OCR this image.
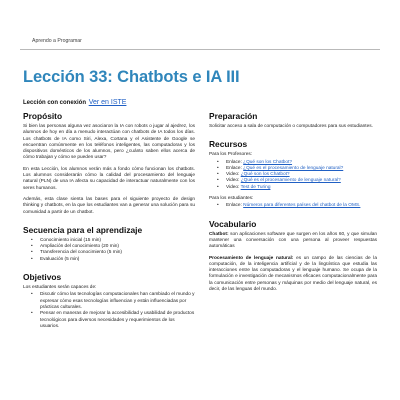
Aprendo a Programar
Lección 33: Chatbots e IA III
Lección con conexión Ver en ISTE
Propósito

Si bien las personas alguna vez asociaron la IA con robots o jugar al ajedrez, los alumnos de hoy en día a menudo interactúan con chatbots de IA todos los días. Los chatbots de IA como Siri, Alexa, Cortana y el Asistente de Google se encuentran comúnmente en los teléfonos inteligentes, las computadoras y los dispositivos domésticos de los alumnos, pero ¿cuánto saben ellos acerca de cómo trabajan y cómo se pueden usar?

En esta Lección, los alumnos verán más a fondo cómo funcionan los chatbots. Los alumnos considerarán cómo la calidad del procesamiento del lenguaje natural (PLN) de una IA afecta su capacidad de interactuar naturalmente con los seres humanos.

Además, esta clase sienta las bases para el siguiente proyecto de design thinking y chatbots, en la que los estudiantes van a generar una solución para su comunidad a partir de un chatbot.

Secuencia para el aprendizaje
• Conocimiento inicial (15 min)
• Ampliación del conocimiento (20 min)
• Transferencia del conocimiento (5 min)
• Evaluación (5 min)
Objetivos
Los estudiantes serán capaces de:
• Discutir cómo las tecnologías computacionales han cambiado el mundo y expresar cómo esas tecnologías influencian y están influenciadas por prácticas culturales.
• Pensar en maneras de mejorar la accesibilidad y usabilidad de productos tecnológicos para diversos necesidades y requerimientos de los usuarios.
Preparación

Solicitar acceso a sala de computación o computadores para sus estudiantes.

Recursos
Para los Profesores:
• Enlace: ¿Qué son los Chatbot?
• Enlace: ¿Qué es el procesamiento de lenguaje natural?
• Video: ¿Qué son los Chatbot?
• Video: ¿Qué es el procesamiento de lenguaje natural?
• Video: Test de Turing
Para los estudiantes:
• Enlace: Números para diferentes países del chatbot de la OMS.
Vocabulario

Chatbot: son aplicaciones software que surgen en los años 60, y que simulan mantener una conversación con una persona al proveer respuestas automáticas

Procesamiento de lenguaje natural: es un campo de las ciencias de la computación, de la inteligencia artificial y de la lingüística que estudia las interacciones entre las computadoras y el lenguaje humano. Se ocupa de la formulación e investigación de mecanismos eficaces computacionalmente para la comunicación entre personas y máquinas por medio del lenguaje natural, es decir, de las lenguas del mundo.
